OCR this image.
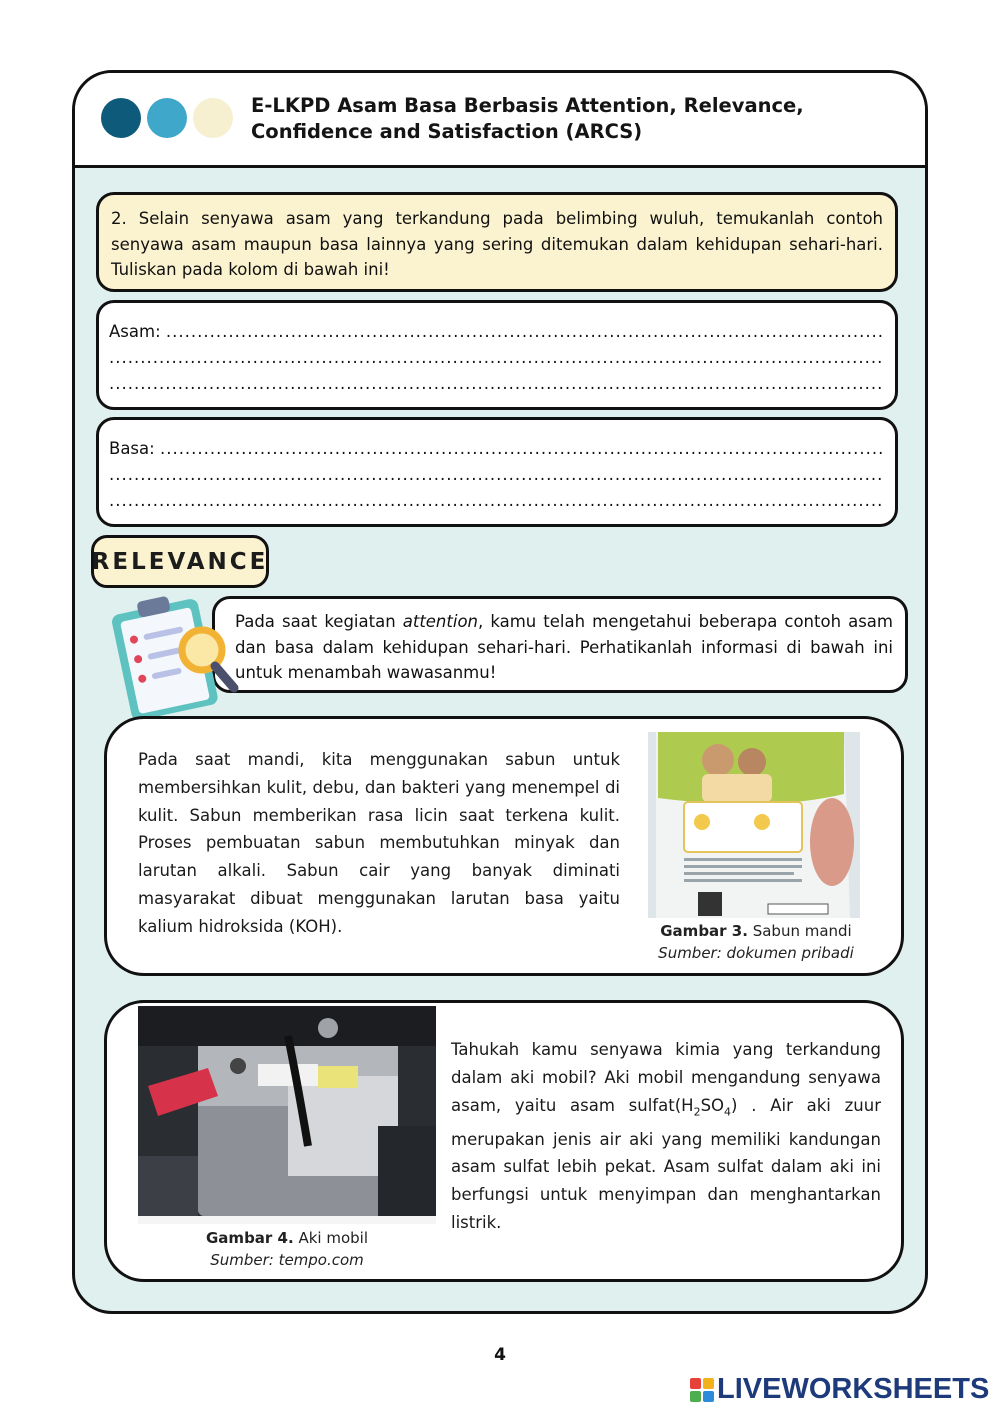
E-LKPD Asam Basa Berbasis Attention, Relevance, Confidence and Satisfaction (ARCS)
2. Selain senyawa asam yang terkandung pada belimbing wuluh, temukanlah contoh senyawa asam maupun basa lainnya yang sering ditemukan dalam kehidupan sehari-hari. Tuliskan pada kolom di bawah ini!
Asam:

.....
.....
.....
Basa:

.....
.....
.....
RELEVANCE
Pada saat kegiatan attention, kamu telah mengetahui beberapa contoh asam dan basa dalam kehidupan sehari-hari. Perhatikanlah informasi di bawah ini untuk menambah wawasanmu!
Pada saat mandi, kita menggunakan sabun untuk membersihkan kulit, debu, dan bakteri yang menempel di kulit. Sabun memberikan rasa licin saat terkena kulit. Proses pembuatan sabun membutuhkan minyak dan larutan alkali. Sabun cair yang banyak diminati masyarakat dibuat menggunakan larutan basa yaitu kalium hidroksida (KOH).	Gambar 3. Sabun mandi
Sumber: dokumen pribadi
Gambar 4. Aki mobil
Sumber: tempo.com
Tahukah kamu senyawa kimia yang terkandung dalam aki mobil? Aki mobil mengandung senyawa asam, yaitu asam $sulfat(H_2SO_4)$ . Air aki zuur merupakan jenis air aki yang memiliki kandungan asam sulfat lebih pekat. Asam sulfat dalam aki ini berfungsi untuk menyimpan dan menghantarkan listrik.
4
LIVEWORKSHEETS
